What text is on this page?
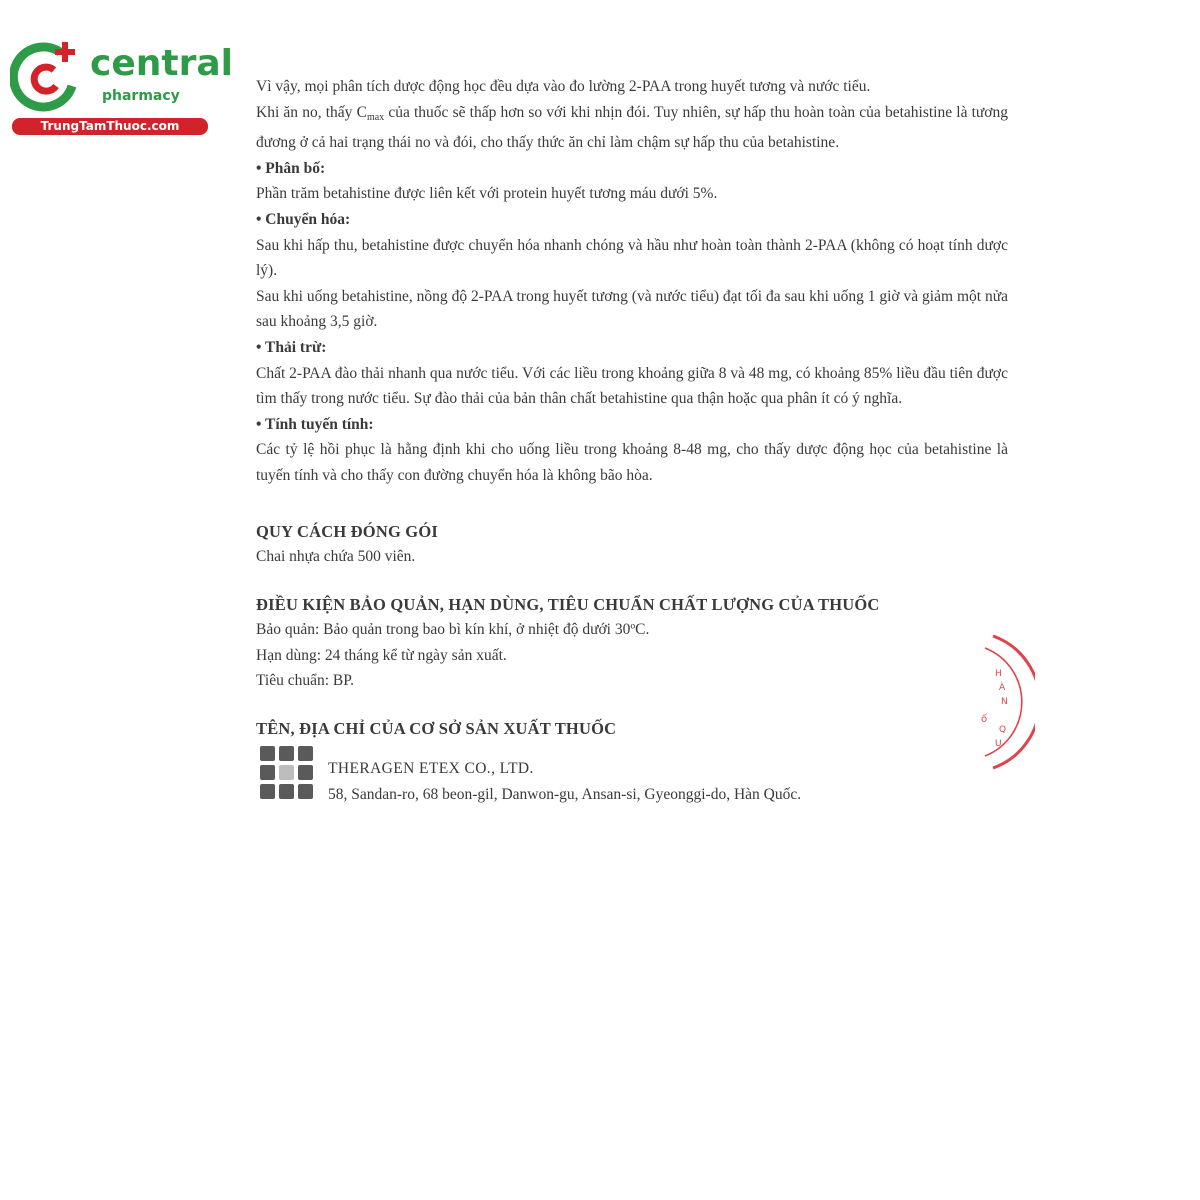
central
pharmacy
TrungTamThuoc.com

Vì vậy, mọi phân tích dược động học đều dựa vào đo lường 2-PAA trong huyết tương và nước tiểu.

Khi ăn no, thấy $C_{max}$ của thuốc sẽ thấp hơn so với khi nhịn đói. Tuy nhiên, sự hấp thu hoàn toàn của betahistine là tương đương ở cả hai trạng thái no và đói, cho thấy thức ăn chỉ làm chậm sự hấp thu của betahistine.

• Phân bố:

Phần trăm betahistine được liên kết với protein huyết tương máu dưới 5%.

• Chuyển hóa:

Sau khi hấp thu, betahistine được chuyển hóa nhanh chóng và hầu như hoàn toàn thành 2-PAA (không có hoạt tính dược lý).

Sau khi uống betahistine, nồng độ 2-PAA trong huyết tương (và nước tiểu) đạt tối đa sau khi uống 1 giờ và giảm một nửa sau khoảng 3,5 giờ.

• Thải trừ:

Chất 2-PAA đào thải nhanh qua nước tiểu. Với các liều trong khoảng giữa 8 và 48 mg, có khoảng 85% liều đầu tiên được tìm thấy trong nước tiểu. Sự đào thải của bản thân chất betahistine qua thận hoặc qua phân ít có ý nghĩa.

• Tính tuyến tính:

Các tỷ lệ hồi phục là hằng định khi cho uống liều trong khoảng 8-48 mg, cho thấy dược động học của betahistine là tuyến tính và cho thấy con đường chuyển hóa là không bão hòa.

QUY CÁCH ĐÓNG GÓI

Chai nhựa chứa 500 viên.

ĐIỀU KIỆN BẢO QUẢN, HẠN DÙNG, TIÊU CHUẨN CHẤT LƯỢNG CỦA THUỐC

Bảo quản: Bảo quản trong bao bì kín khí, ở nhiệt độ dưới 30ºC.

Hạn dùng: 24 tháng kể từ ngày sản xuất.

Tiêu chuẩn: BP.

TÊN, ĐỊA CHỈ CỦA CƠ SỞ SẢN XUẤT THUỐC

THERAGEN ETEX CO., LTD.
58, Sandan-ro, 68 beon-gil, Danwon-gu, Ansan-si, Gyeonggi-do, Hàn Quốc.
H
À
N
Q
U
ố
